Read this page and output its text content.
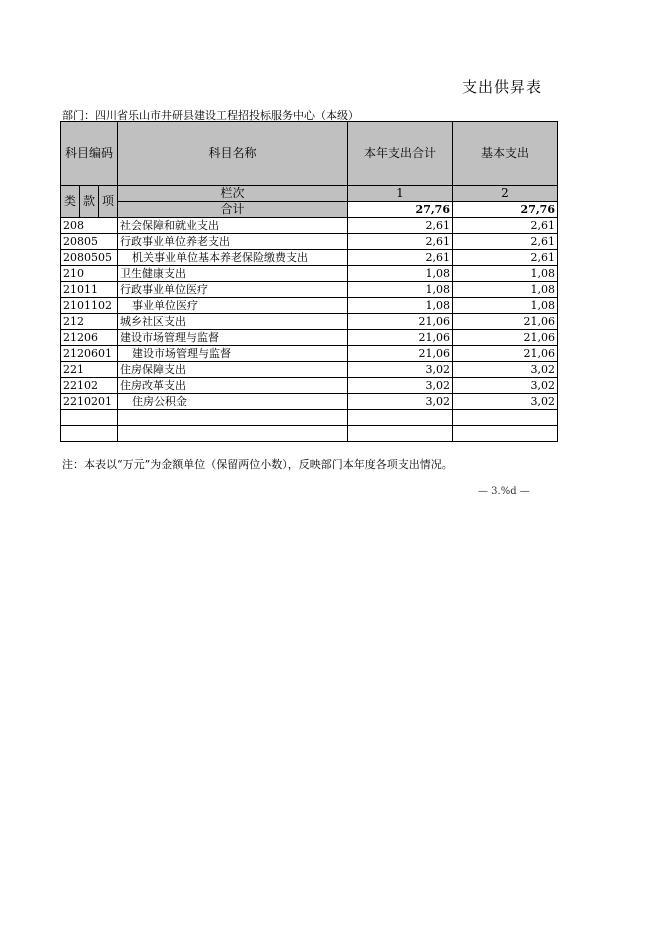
支出供昇表
部门：四川省乐山市井研县建设工程招投标服务中心（本级）
科目编码			科目名称	本年支出合计	基本支出
类	款	项	栏次	1	2
			合计	27,76	27,76
208			社会保障和就业支出	2,61	2,61
20805			行政事业单位养老支出	2,61	2,61
2080505			机关事业单位基本养老保险缴费支出	2,61	2,61
210			卫生健康支出	1,08	1,08
21011			行政事业单位医疗	1,08	1,08
2101102			事业单位医疗	1,08	1,08
212			城乡社区支出	21,06	21,06
21206			建设市场管理与监督	21,06	21,06
2120601			建设市场管理与监督	21,06	21,06
221			住房保障支出	3,02	3,02
22102			住房改革支出	3,02	3,02
2210201			住房公积金	3,02	3,02

注：本表以“万元”为金额单位（保留两位小数），反映部门本年度各项支出情况。
— 3.%d —
